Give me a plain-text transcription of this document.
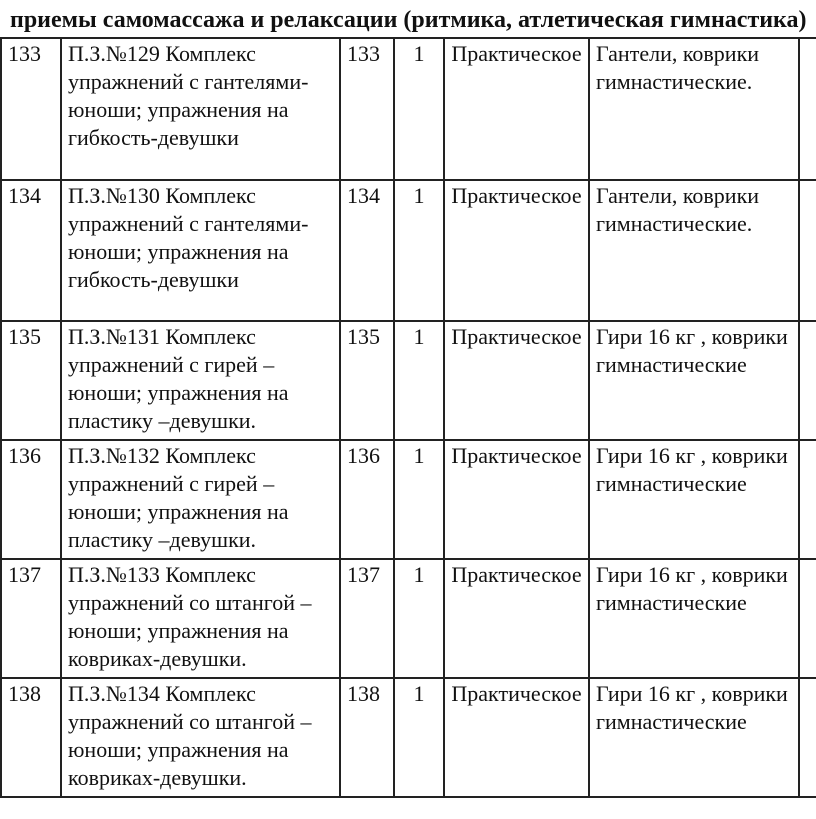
приемы самомассажа и релаксации (ритмика, атлетическая гимнастика)
133	П.З.№129 Комплекс упражнений с гантелями- юноши; упражнения на гибкость-девушки	133	1	Практическое	Гантели, коврики гимнастические.	
134	П.З.№130 Комплекс упражнений с гантелями- юноши; упражнения на гибкость-девушки	134	1	Практическое	Гантели, коврики гимнастические.	
135	П.З.№131 Комплекс упражнений с гирей – юноши; упражнения на пластику –девушки.	135	1	Практическое	Гири 16 кг , коврики гимнастические	
136	П.З.№132 Комплекс упражнений с гирей – юноши; упражнения на пластику –девушки.	136	1	Практическое	Гири 16 кг , коврики гимнастические	
137	П.З.№133 Комплекс упражнений со штангой –юноши; упражнения на ковриках-девушки.	137	1	Практическое	Гири 16 кг , коврики гимнастические	
138	П.З.№134 Комплекс упражнений со штангой –юноши; упражнения на ковриках-девушки.	138	1	Практическое	Гири 16 кг , коврики гимнастические	
